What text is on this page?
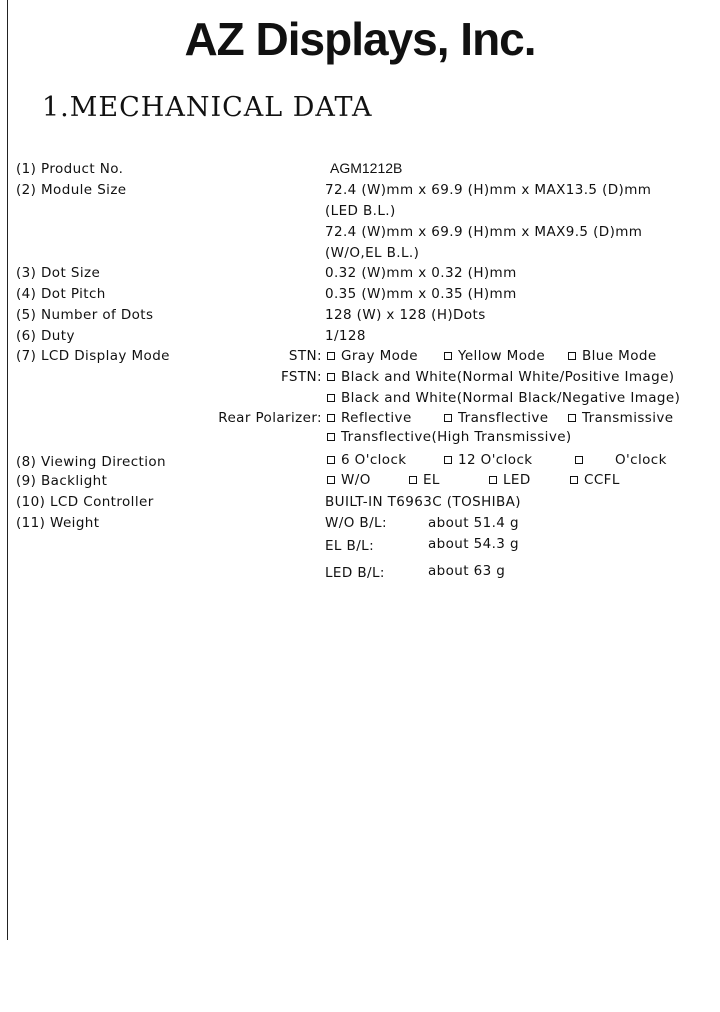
AZ Displays, Inc.
1.MECHANICAL DATA
(1) Product No.	AGM1212B
(2) Module Size	72.4 (W)mm x 69.9 (H)mm x MAX13.5 (D)mm
(LED B.L.)
72.4 (W)mm x 69.9 (H)mm x MAX9.5 (D)mm
(W/O,EL B.L.)
(3) Dot Size	0.32 (W)mm x 0.32 (H)mm
(4) Dot Pitch	0.35 (W)mm x 0.35 (H)mm
(5) Number of Dots	128 (W) x 128 (H)Dots
(6) Duty	1/128
(7) LCD Display Mode	STN:	Gray Mode	Yellow Mode	Blue Mode
FSTN:	Black and White(Normal White/Positive Image)
Black and White(Normal Black/Negative Image)
Rear Polarizer:	Reflective	Transflective	Transmissive
Transflective(High Transmissive)
(8) Viewing Direction	6 O'clock	12 O'clock	O'clock
(9) Backlight	W/O	EL	LED	CCFL
(10) LCD Controller	BUILT-IN T6963C (TOSHIBA)
(11) Weight	W/O B/L:	about 51.4 g
EL B/L:	about 54.3 g
LED B/L:	about 63 g
